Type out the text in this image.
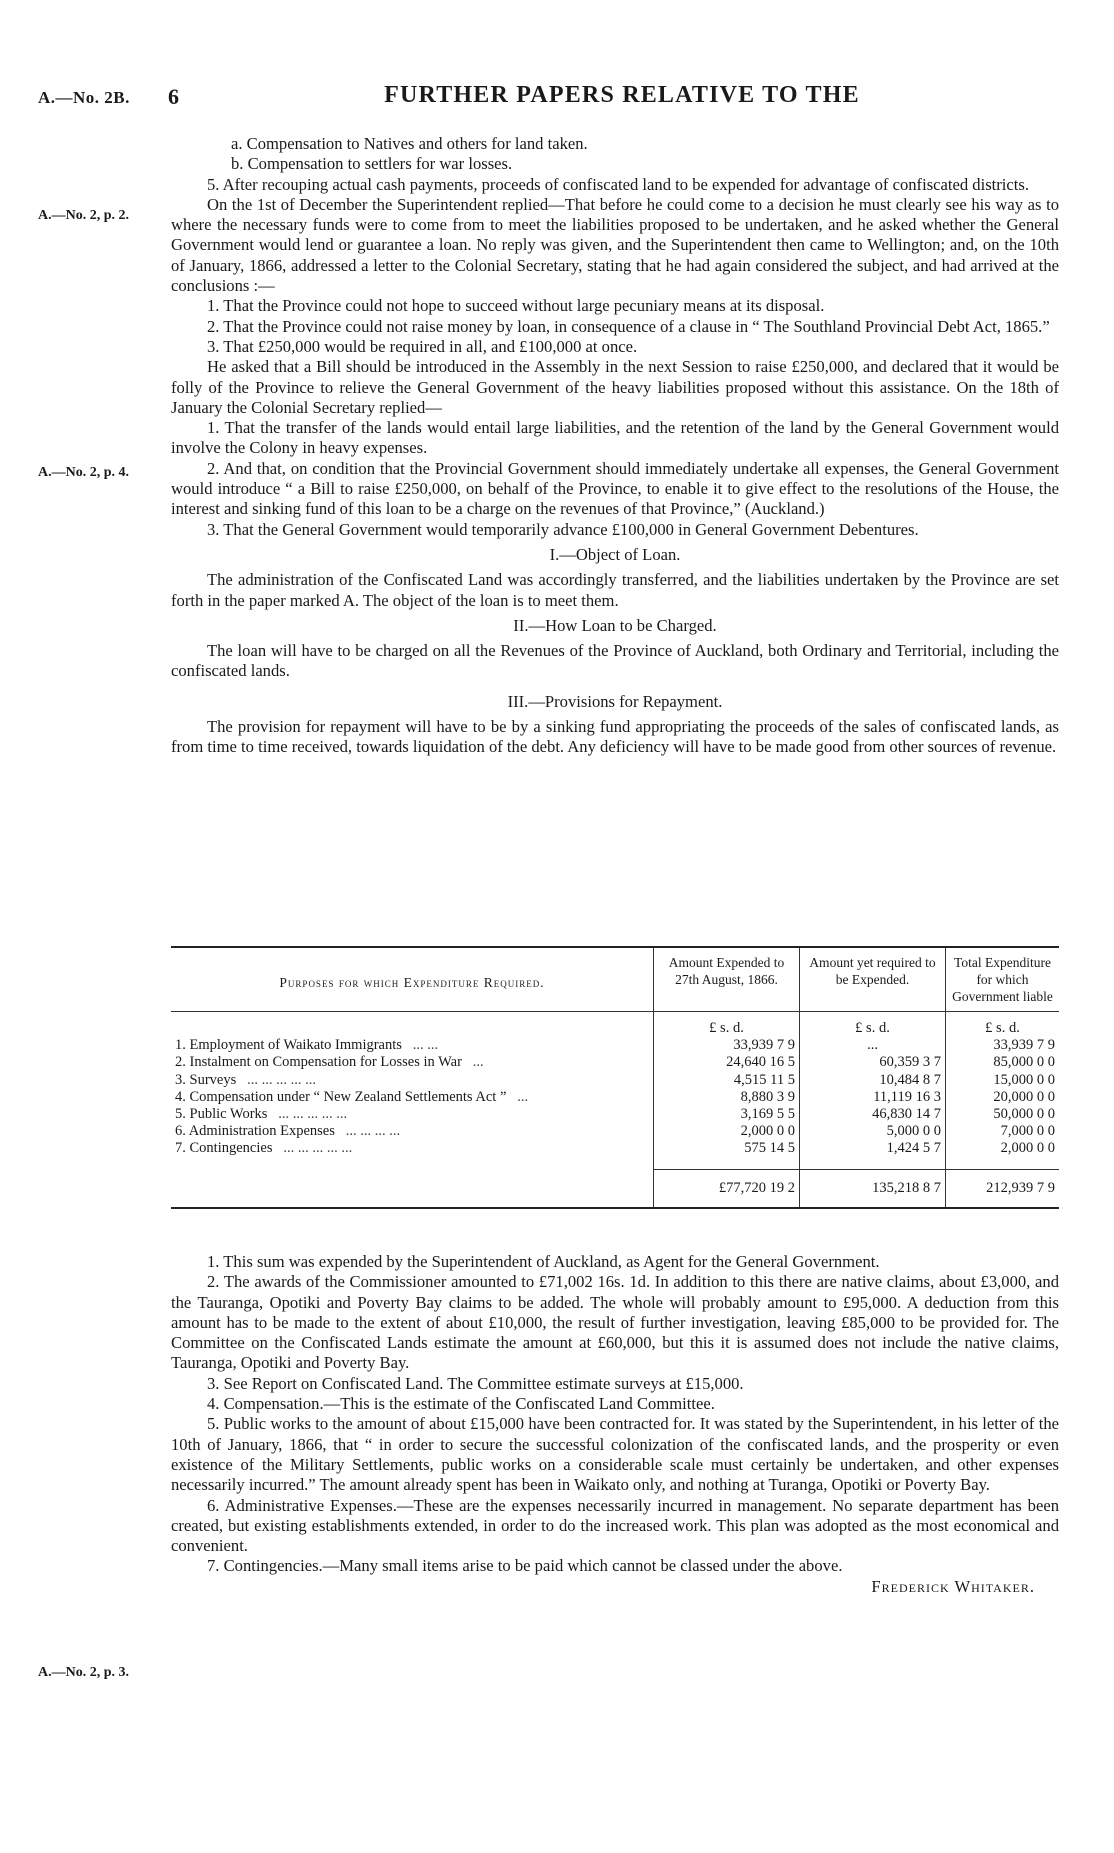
A.—No. 2B. 6	FURTHER PAPERS RELATIVE TO THE
A.—No. 2, p. 2.
A.—No. 2, p. 4.
A.—No. 2, p. 3.

a. Compensation to Natives and others for land taken.

b. Compensation to settlers for war losses.

5. After recouping actual cash payments, proceeds of confiscated land to be expended for advantage of confiscated districts.

On the 1st of December the Superintendent replied—That before he could come to a decision he must clearly see his way as to where the necessary funds were to come from to meet the liabilities proposed to be undertaken, and he asked whether the General Government would lend or guarantee a loan. No reply was given, and the Superintendent then came to Wellington; and, on the 10th of January, 1866, addressed a letter to the Colonial Secretary, stating that he had again considered the subject, and had arrived at the conclusions :—

1. That the Province could not hope to succeed without large pecuniary means at its disposal.

2. That the Province could not raise money by loan, in consequence of a clause in “ The Southland Provincial Debt Act, 1865.”

3. That £250,000 would be required in all, and £100,000 at once.

He asked that a Bill should be introduced in the Assembly in the next Session to raise £250,000, and declared that it would be folly of the Province to relieve the General Government of the heavy liabilities proposed without this assistance. On the 18th of January the Colonial Secretary replied—

1. That the transfer of the lands would entail large liabilities, and the retention of the land by the General Government would involve the Colony in heavy expenses.

2. And that, on condition that the Provincial Government should immediately undertake all expenses, the General Government would introduce “ a Bill to raise £250,000, on behalf of the Province, to enable it to give effect to the resolutions of the House, the interest and sinking fund of this loan to be a charge on the revenues of that Province,” (Auckland.)

3. That the General Government would temporarily advance £100,000 in General Government Debentures.

I.—Object of Loan.

The administration of the Confiscated Land was accordingly transferred, and the liabilities undertaken by the Province are set forth in the paper marked A. The object of the loan is to meet them.

II.—How Loan to be Charged.

The loan will have to be charged on all the Revenues of the Province of Auckland, both Ordinary and Territorial, including the confiscated lands.

III.—Provisions for Repayment.

The provision for repayment will have to be by a sinking fund appropriating the proceeds of the sales of confiscated lands, as from time to time received, towards liquidation of the debt. Any deficiency will have to be made good from other sources of revenue.

Purposes for which Expenditure Required.	Amount Expended to 27th August, 1866.	Amount yet required to be Expended.	Total Expenditure for which Government liable

	£ s. d.	£ s. d.	£ s. d.
1. Employment of Waikato Immigrants ... ...	33,939 7 9	...	33,939 7 9
2. Instalment on Compensation for Losses in War ...	24,640 16 5	60,359 3 7	85,000 0 0
3. Surveys ... ... ... ... ...	4,515 11 5	10,484 8 7	15,000 0 0
4. Compensation under “ New Zealand Settlements Act ” ...	8,880 3 9	11,119 16 3	20,000 0 0
5. Public Works ... ... ... ... ...	3,169 5 5	46,830 14 7	50,000 0 0
6. Administration Expenses ... ... ... ...	2,000 0 0	5,000 0 0	7,000 0 0
7. Contingencies ... ... ... ... ...	575 14 5	1,424 5 7	2,000 0 0
	£77,720 19 2	135,218 8 7	212,939 7 9

1. This sum was expended by the Superintendent of Auckland, as Agent for the General Government.

2. The awards of the Commissioner amounted to £71,002 16s. 1d. In addition to this there are native claims, about £3,000, and the Tauranga, Opotiki and Poverty Bay claims to be added. The whole will probably amount to £95,000. A deduction from this amount has to be made to the extent of about £10,000, the result of further investigation, leaving £85,000 to be provided for. The Committee on the Confiscated Lands estimate the amount at £60,000, but this it is assumed does not include the native claims, Tauranga, Opotiki and Poverty Bay.

3. See Report on Confiscated Land. The Committee estimate surveys at £15,000.

4. Compensation.—This is the estimate of the Confiscated Land Committee.

5. Public works to the amount of about £15,000 have been contracted for. It was stated by the Superintendent, in his letter of the 10th of January, 1866, that “ in order to secure the successful colonization of the confiscated lands, and the prosperity or even existence of the Military Settlements, public works on a considerable scale must certainly be undertaken, and other expenses necessarily incurred.” The amount already spent has been in Waikato only, and nothing at Turanga, Opotiki or Poverty Bay.

6. Administrative Expenses.—These are the expenses necessarily incurred in management. No separate department has been created, but existing establishments extended, in order to do the increased work. This plan was adopted as the most economical and convenient.

7. Contingencies.—Many small items arise to be paid which cannot be classed under the above.

Frederick Whitaker.
